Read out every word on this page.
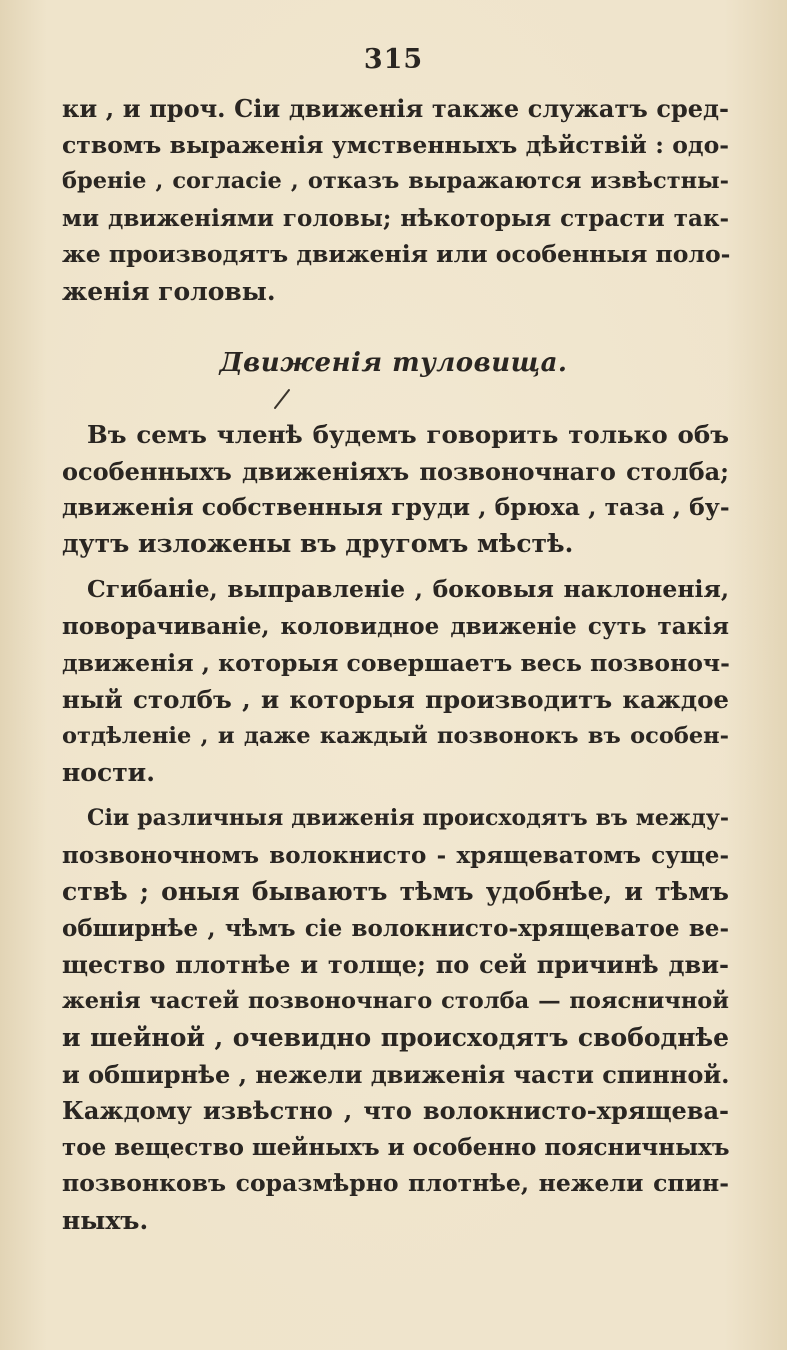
315
ки , и проч. Сіи движенія также служатъ сред-
ствомъ выраженія умственныхъ дѣйствій : одо-
бреніе , согласіе , отказъ выражаются извѣстны-
ми движеніями головы; нѣкоторыя страсти так-
же производятъ движенія или особенныя поло-
женія головы.
Движенія туловища.
Въ семъ членѣ будемъ говорить только объ
особенныхъ движеніяхъ позвоночнаго столба;
движенія собственныя груди , брюха , таза , бу-
дутъ изложены въ другомъ мѣстѣ.
Сгибаніе, выправленіе , боковыя наклоненія,
поворачиваніе, коловидное движеніе суть такія
движенія , которыя совершаетъ весь позвоноч-
ный столбъ , и которыя производитъ каждое
отдѣленіе , и даже каждый позвонокъ въ особен-
ности.
Сіи различныя движенія происходятъ въ между-
позвоночномъ волокнисто - хрящеватомъ суще-
ствѣ ; оныя бываютъ тѣмъ удобнѣе, и тѣмъ
обширнѣе , чѣмъ сіе волокнисто-хрящеватое ве-
щество плотнѣе и толще; по сей причинѣ дви-
женія частей позвоночнаго столба — поясничной
и шейной , очевидно происходятъ свободнѣе
и обширнѣе , нежели движенія части спинной.
Каждому извѣстно , что волокнисто-хрящева-
тое вещество шейныхъ и особенно поясничныхъ
позвонковъ соразмѣрно плотнѣе, нежели спин-
ныхъ.
